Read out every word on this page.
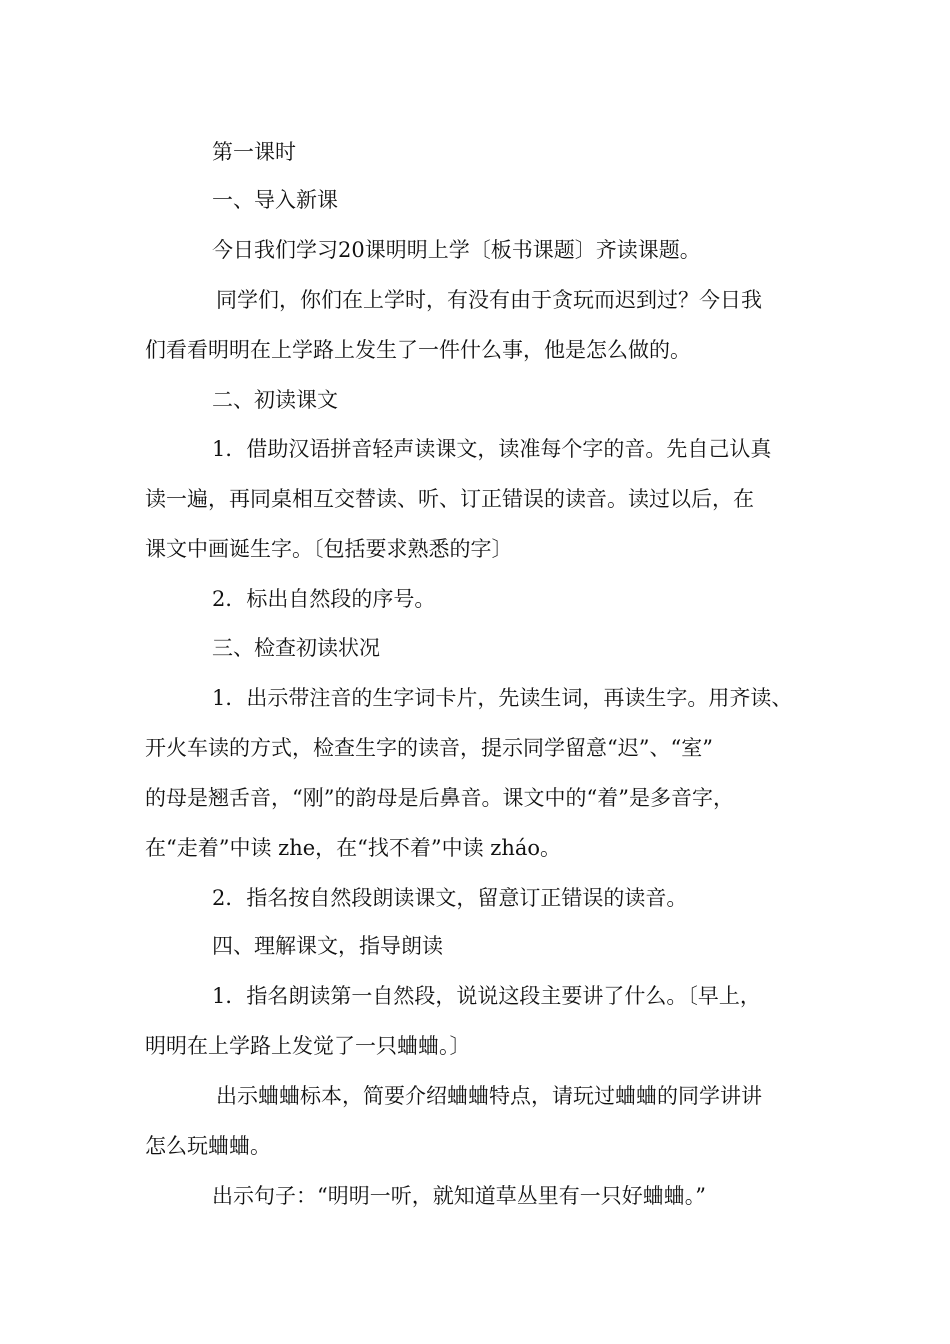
第一课时
一、导入新课
今日我们学习20课明明上学〔板书课题〕齐读课题。
同学们，你们在上学时，有没有由于贪玩而迟到过？今日我
们看看明明在上学路上发生了一件什么事，他是怎么做的。
二、初读课文
1．借助汉语拼音轻声读课文，读准每个字的音。先自己认真
读一遍，再同桌相互交替读、听、订正错误的读音。读过以后，在
课文中画诞生字。〔包括要求熟悉的字〕
2．标出自然段的序号。
三、检查初读状况
1．出示带注音的生字词卡片，先读生词，再读生字。用齐读、
开火车读的方式，检查生字的读音，提示同学留意“迟”、“室”
的母是翘舌音，“刚”的韵母是后鼻音。课文中的“着”是多音字，
在“走着”中读 zhe，在“找不着”中读 zháo。
2．指名按自然段朗读课文，留意订正错误的读音。
四、理解课文，指导朗读
1．指名朗读第一自然段，说说这段主要讲了什么。〔早上，
明明在上学路上发觉了一只蛐蛐。〕
出示蛐蛐标本，简要介绍蛐蛐特点，请玩过蛐蛐的同学讲讲
怎么玩蛐蛐。
出示句子：“明明一听，就知道草丛里有一只好蛐蛐。”
